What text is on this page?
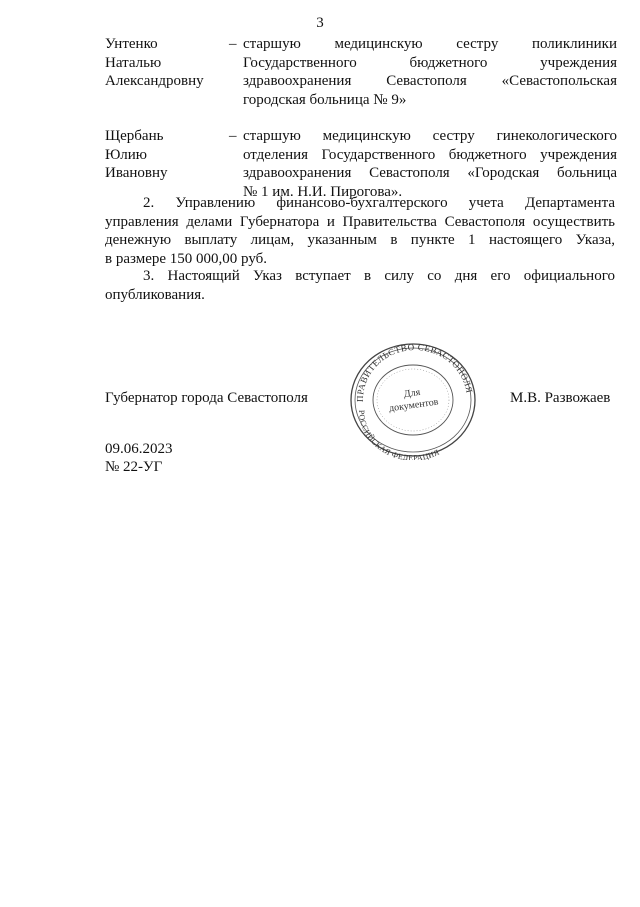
3
Унтенко
Наталью
Александровну
– старшую медицинскую сестру поликлиники
Государственного бюджетного учреждения
здравоохранения Севастополя «Севастопольская
городская больница № 9»
Щербань
Юлию
Ивановну
– старшую медицинскую сестру гинекологического
отделения Государственного бюджетного учреждения
здравоохранения Севастополя «Городская больница
№ 1 им. Н.И. Пирогова».
2. Управлению финансово-бухгалтерского учета Департамента
управления делами Губернатора и Правительства Севастополя осуществить
денежную выплату лицам, указанным в пункте 1 настоящего Указа,
в размере 150 000,00 руб.
3. Настоящий Указ вступает в силу со дня его официального
опубликования.
Губернатор города Севастополя	М.В. Развожаев
ПРАВИТЕЛЬСТВО СЕВАСТОПОЛЯ
РОССИЙСКАЯ ФЕДЕРАЦИЯ
Для
документов
09.06.2023
№ 22-УГ
